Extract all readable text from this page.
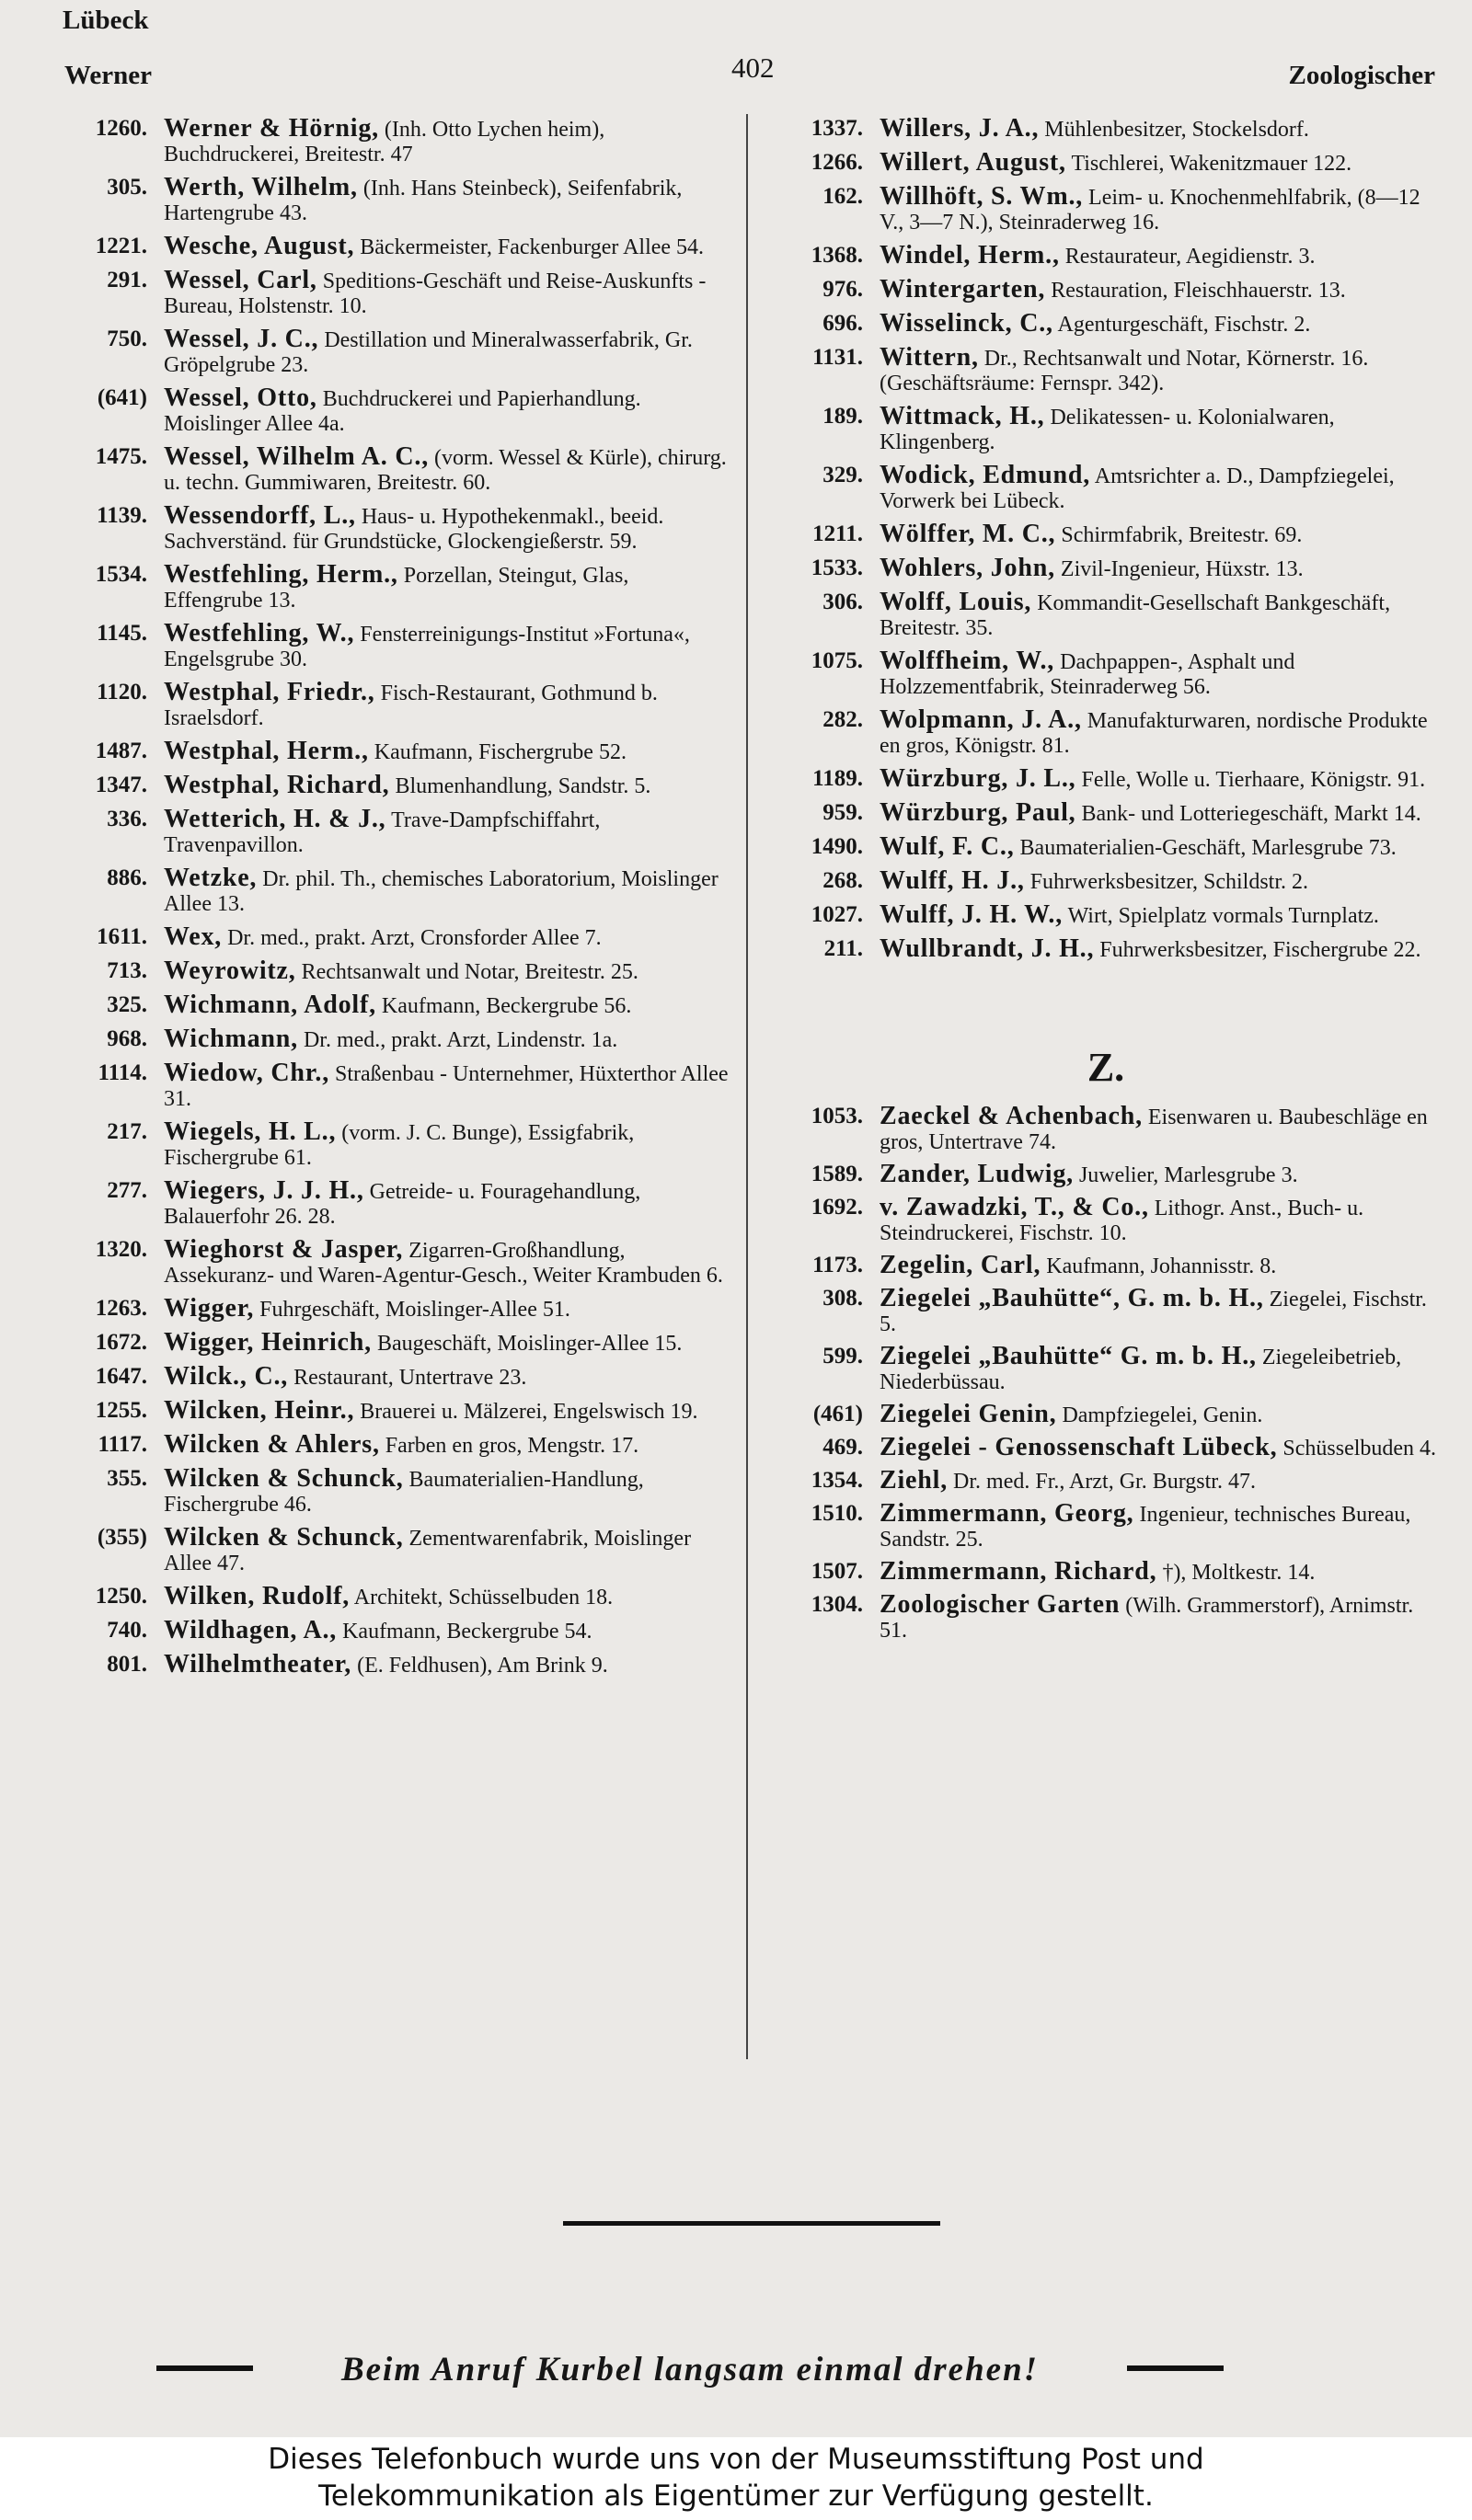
Lübeck
Werner	402	Zoologischer
1260. Werner & Hörnig, (Inh. Otto Lychen heim), Buchdruckerei, Breitestr. 47
305. Werth, Wilhelm, (Inh. Hans Steinbeck), Seifenfabrik, Hartengrube 43.
1221. Wesche, August, Bäckermeister, Fackenburger Allee 54.
291. Wessel, Carl, Speditions-Geschäft und Reise-Auskunfts - Bureau, Holstenstr. 10.
750. Wessel, J. C., Destillation und Mineralwasserfabrik, Gr. Gröpelgrube 23.
(641) Wessel, Otto, Buchdruckerei und Papierhandlung. Moislinger Allee 4a.
1475. Wessel, Wilhelm A. C., (vorm. Wessel & Kürle), chirurg. u. techn. Gummiwaren, Breitestr. 60.
1139. Wessendorff, L., Haus- u. Hypothekenmakl., beeid. Sachverständ. für Grundstücke, Glockengießerstr. 59.
1534. Westfehling, Herm., Porzellan, Steingut, Glas, Effengrube 13.
1145. Westfehling, W., Fensterreinigungs-Institut »Fortuna«, Engelsgrube 30.
1120. Westphal, Friedr., Fisch-Restaurant, Gothmund b. Israelsdorf.
1487. Westphal, Herm., Kaufmann, Fischergrube 52.
1347. Westphal, Richard, Blumenhandlung, Sandstr. 5.
336. Wetterich, H. & J., Trave-Dampfschiffahrt, Travenpavillon.
886. Wetzke, Dr. phil. Th., chemisches Laboratorium, Moislinger Allee 13.
1611. Wex, Dr. med., prakt. Arzt, Cronsforder Allee 7.
713. Weyrowitz, Rechtsanwalt und Notar, Breitestr. 25.
325. Wichmann, Adolf, Kaufmann, Beckergrube 56.
968. Wichmann, Dr. med., prakt. Arzt, Lindenstr. 1a.
1114. Wiedow, Chr., Straßenbau - Unternehmer, Hüxterthor Allee 31.
217. Wiegels, H. L., (vorm. J. C. Bunge), Essigfabrik, Fischergrube 61.
277. Wiegers, J. J. H., Getreide- u. Fouragehandlung, Balauerfohr 26. 28.
1320. Wieghorst & Jasper, Zigarren-Großhandlung, Assekuranz- und Waren-Agentur-Gesch., Weiter Krambuden 6.
1263. Wigger, Fuhrgeschäft, Moislinger-Allee 51.
1672. Wigger, Heinrich, Baugeschäft, Moislinger-Allee 15.
1647. Wilck., C., Restaurant, Untertrave 23.
1255. Wilcken, Heinr., Brauerei u. Mälzerei, Engelswisch 19.
1117. Wilcken & Ahlers, Farben en gros, Mengstr. 17.
355. Wilcken & Schunck, Baumaterialien-Handlung, Fischergrube 46.
(355) Wilcken & Schunck, Zementwarenfabrik, Moislinger Allee 47.
1250. Wilken, Rudolf, Architekt, Schüsselbuden 18.
740. Wildhagen, A., Kaufmann, Beckergrube 54.
801. Wilhelmtheater, (E. Feldhusen), Am Brink 9.
1337. Willers, J. A., Mühlenbesitzer, Stockelsdorf.
1266. Willert, August, Tischlerei, Wakenitzmauer 122.
162. Willhöft, S. Wm., Leim- u. Knochenmehlfabrik, (8—12 V., 3—7 N.), Steinraderweg 16.
1368. Windel, Herm., Restaurateur, Aegidienstr. 3.
976. Wintergarten, Restauration, Fleischhauerstr. 13.
696. Wisselinck, C., Agenturgeschäft, Fischstr. 2.
1131. Wittern, Dr., Rechtsanwalt und Notar, Körnerstr. 16. (Geschäftsräume: Fernspr. 342).
189. Wittmack, H., Delikatessen- u. Kolonialwaren, Klingenberg.
329. Wodick, Edmund, Amtsrichter a. D., Dampfziegelei, Vorwerk bei Lübeck.
1211. Wölffer, M. C., Schirmfabrik, Breitestr. 69.
1533. Wohlers, John, Zivil-Ingenieur, Hüxstr. 13.
306. Wolff, Louis, Kommandit-Gesellschaft Bankgeschäft, Breitestr. 35.
1075. Wolffheim, W., Dachpappen-, Asphalt und Holzzementfabrik, Steinraderweg 56.
282. Wolpmann, J. A., Manufakturwaren, nordische Produkte en gros, Königstr. 81.
1189. Würzburg, J. L., Felle, Wolle u. Tierhaare, Königstr. 91.
959. Würzburg, Paul, Bank- und Lotteriegeschäft, Markt 14.
1490. Wulf, F. C., Baumaterialien-Geschäft, Marlesgrube 73.
268. Wulff, H. J., Fuhrwerksbesitzer, Schildstr. 2.
1027. Wulff, J. H. W., Wirt, Spielplatz vormals Turnplatz.
211. Wullbrandt, J. H., Fuhrwerksbesitzer, Fischergrube 22.
Z.
1053. Zaeckel & Achenbach, Eisenwaren u. Baubeschläge en gros, Untertrave 74.
1589. Zander, Ludwig, Juwelier, Marlesgrube 3.
1692. v. Zawadzki, T., & Co., Lithogr. Anst., Buch- u. Steindruckerei, Fischstr. 10.
1173. Zegelin, Carl, Kaufmann, Johannisstr. 8.
308. Ziegelei „Bauhütte“, G. m. b. H., Ziegelei, Fischstr. 5.
599. Ziegelei „Bauhütte“ G. m. b. H., Ziegeleibetrieb, Niederbüssau.
(461) Ziegelei Genin, Dampfziegelei, Genin.
469. Ziegelei - Genossenschaft Lübeck, Schüsselbuden 4.
1354. Ziehl, Dr. med. Fr., Arzt, Gr. Burgstr. 47.
1510. Zimmermann, Georg, Ingenieur, technisches Bureau, Sandstr. 25.
1507. Zimmermann, Richard, †), Moltkestr. 14.
1304. Zoologischer Garten (Wilh. Grammerstorf), Arnimstr. 51.
Beim Anruf Kurbel langsam einmal drehen!
Dieses Telefonbuch wurde uns von der Museumsstiftung Post und
Telekommunikation als Eigentümer zur Verfügung gestellt.
